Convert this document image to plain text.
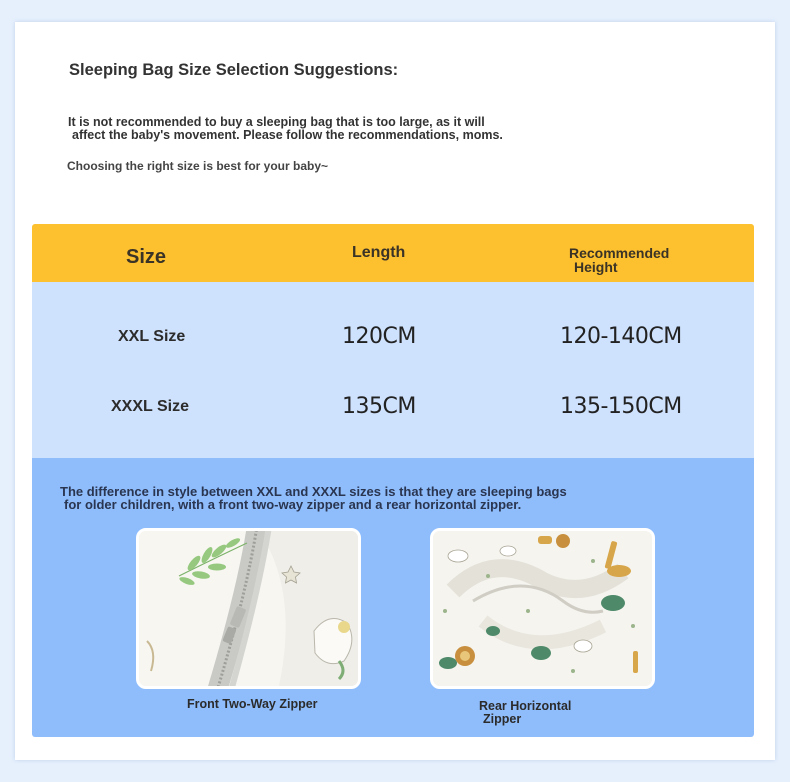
Sleeping Bag Size Selection Suggestions:
It is not recommended to buy a sleeping bag that is too large, as it will
affect the baby's movement. Please follow the recommendations, moms.
Choosing the right size is best for your baby~
Size	Length	Recommended
Height
XXL Size	120CM	120-140CM
XXXL Size	135CM	135-150CM
The difference in style between XXL and XXXL sizes is that they are sleeping bags
for older children, with a front two-way zipper and a rear horizontal zipper.
Front Two-Way Zipper	Rear Horizontal
Zipper
